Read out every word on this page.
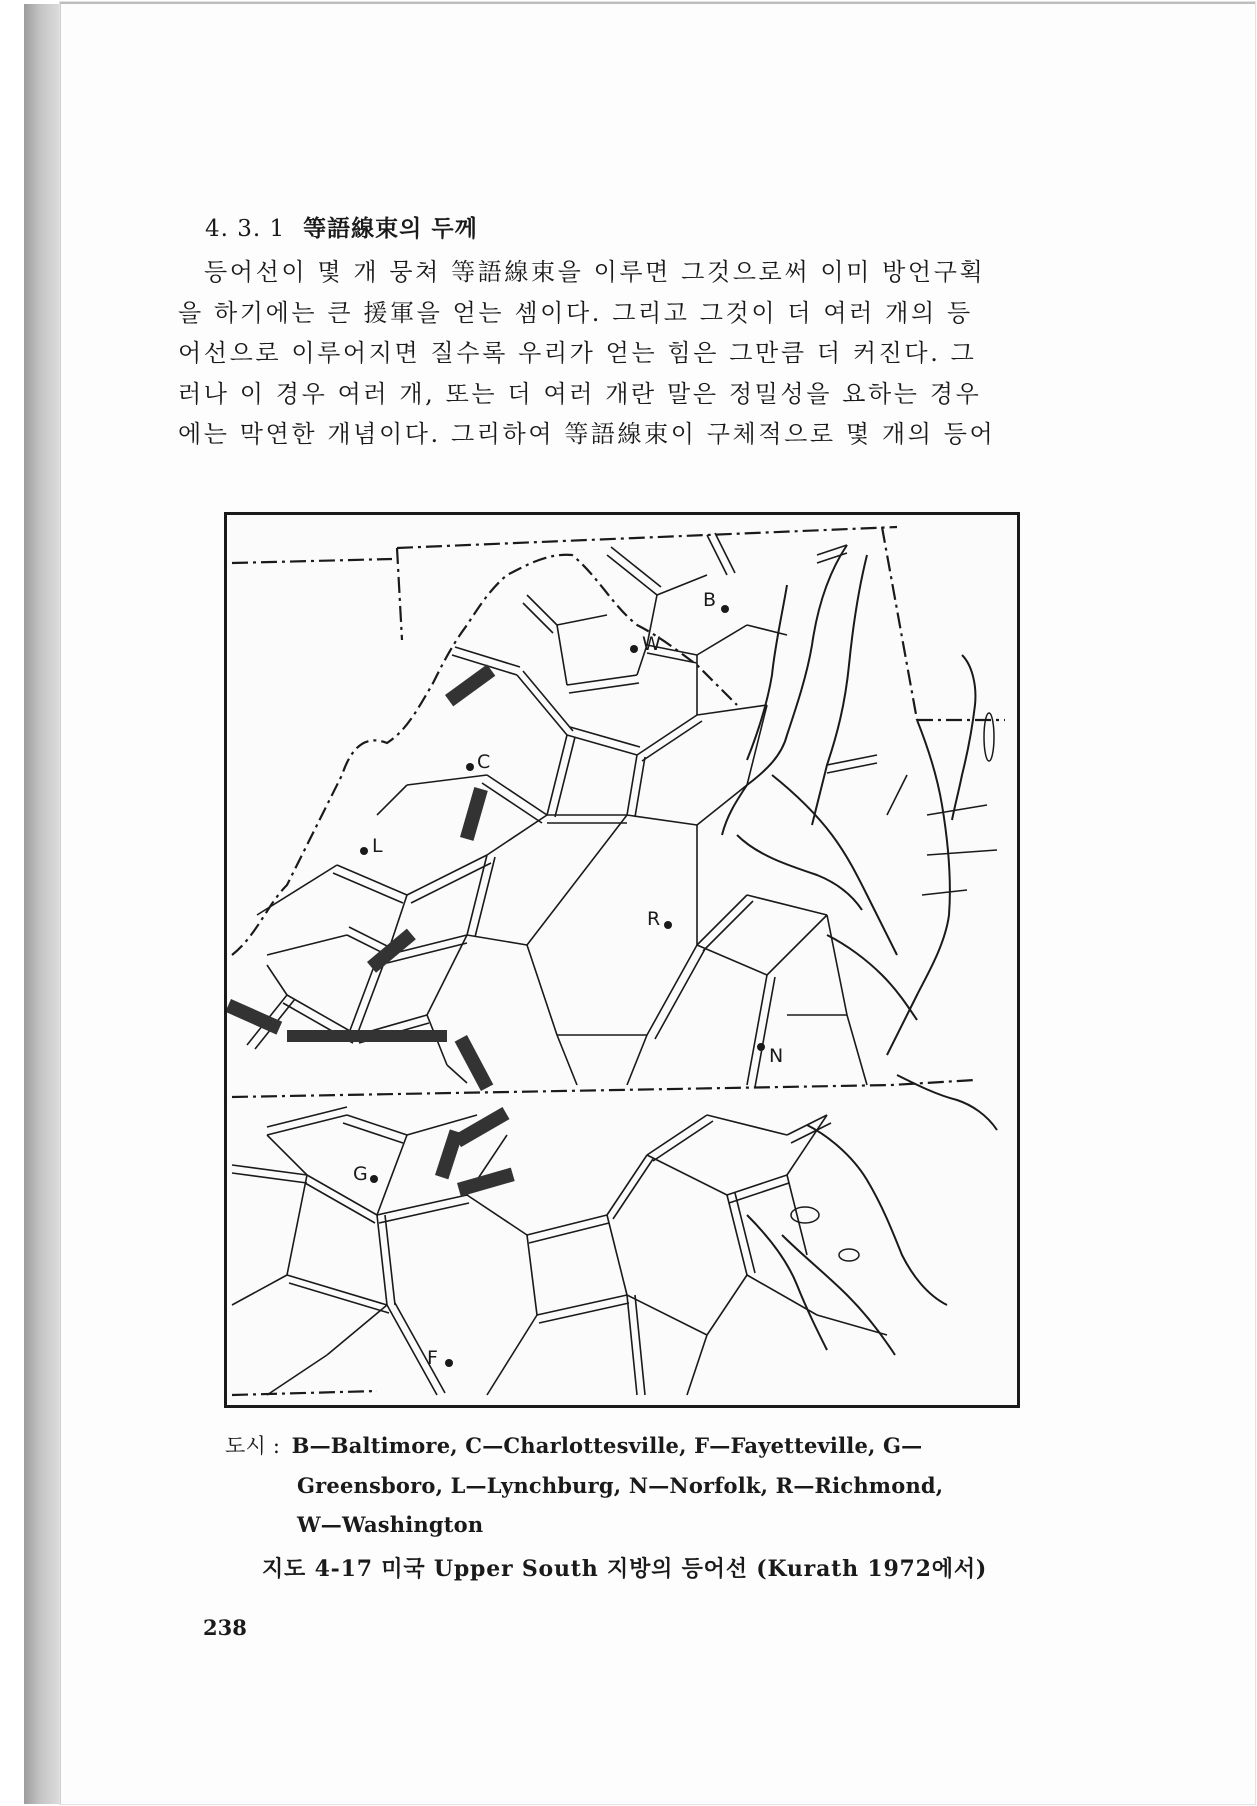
4. 3. 1 等語線束의 두께
등어선이 몇 개 뭉쳐 等語線束을 이루면 그것으로써 이미 방언구획
을 하기에는 큰 援軍을 얻는 셈이다. 그리고 그것이 더 여러 개의 등
어선으로 이루어지면 질수록 우리가 얻는 힘은 그만큼 더 커진다. 그
러나 이 경우 여러 개, 또는 더 여러 개란 말은 정밀성을 요하는 경우
에는 막연한 개념이다. 그리하여 等語線束이 구체적으로 몇 개의 등어
B
W
C
L
R
N
G
F
도시 : B—Baltimore, C—Charlottesville, F—Fayetteville, G—
Greensboro, L—Lynchburg, N—Norfolk, R—Richmond,
W—Washington
지도 4-17 미국 Upper South 지방의 등어선 (Kurath 1972에서)
238
